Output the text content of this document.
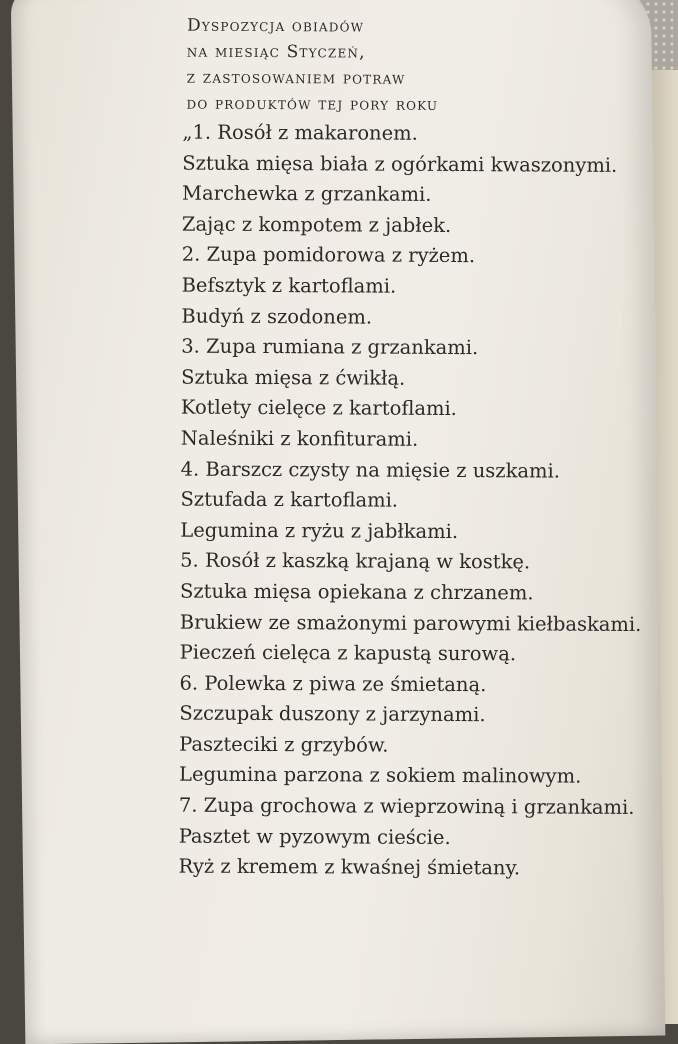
Dyspozycja obiadów
na miesiąc Styczeń,
z zastosowaniem potraw
do produktów tej pory roku
„1. Rosół z makaronem.
Sztuka mięsa biała z ogórkami kwaszonymi.
Marchewka z grzankami.
Zając z kompotem z jabłek.
2. Zupa pomidorowa z ryżem.
Befsztyk z kartoflami.
Budyń z szodonem.
3. Zupa rumiana z grzankami.
Sztuka mięsa z ćwikłą.
Kotlety cielęce z kartoflami.
Naleśniki z konfiturami.
4. Barszcz czysty na mięsie z uszkami.
Sztufada z kartoflami.
Legumina z ryżu z jabłkami.
5. Rosół z kaszką krajaną w kostkę.
Sztuka mięsa opiekana z chrzanem.
Brukiew ze smażonymi parowymi kiełbaskami.
Pieczeń cielęca z kapustą surową.
6. Polewka z piwa ze śmietaną.
Szczupak duszony z jarzynami.
Paszteciki z grzybów.
Legumina parzona z sokiem malinowym.
7. Zupa grochowa z wieprzowiną i grzankami.
Pasztet w pyzowym cieście.
Ryż z kremem z kwaśnej śmietany.
